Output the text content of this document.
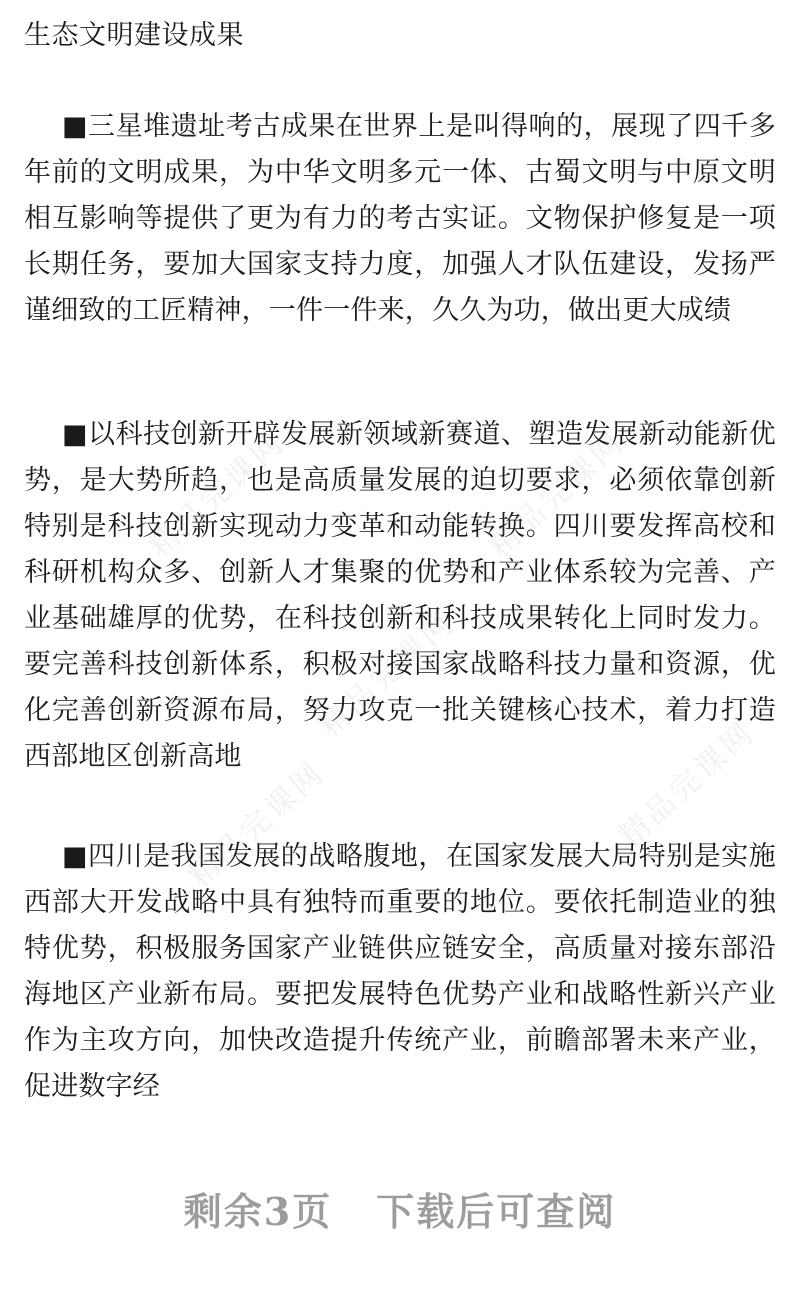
生态文明建设成果
■三星堆遗址考古成果在世界上是叫得响的，展现了四千多年前的文明成果，为中华文明多元一体、古蜀文明与中原文明相互影响等提供了更为有力的考古实证。文物保护修复是一项长期任务，要加大国家支持力度，加强人才队伍建设，发扬严谨细致的工匠精神，一件一件来，久久为功，做出更大成绩
■以科技创新开辟发展新领域新赛道、塑造发展新动能新优势，是大势所趋，也是高质量发展的迫切要求，必须依靠创新特别是科技创新实现动力变革和动能转换。四川要发挥高校和科研机构众多、创新人才集聚的优势和产业体系较为完善、产业基础雄厚的优势，在科技创新和科技成果转化上同时发力。要完善科技创新体系，积极对接国家战略科技力量和资源，优化完善创新资源布局，努力攻克一批关键核心技术，着力打造西部地区创新高地
■四川是我国发展的战略腹地，在国家发展大局特别是实施西部大开发战略中具有独特而重要的地位。要依托制造业的独特优势，积极服务国家产业链供应链安全，高质量对接东部沿海地区产业新布局。要把发展特色优势产业和战略性新兴产业作为主攻方向，加快改造提升传统产业，前瞻部署未来产业，促进数字经
精品完课网	精品完课网
精品完课网
精品完课网	精品完课网
剩余3页 下载后可查阅
